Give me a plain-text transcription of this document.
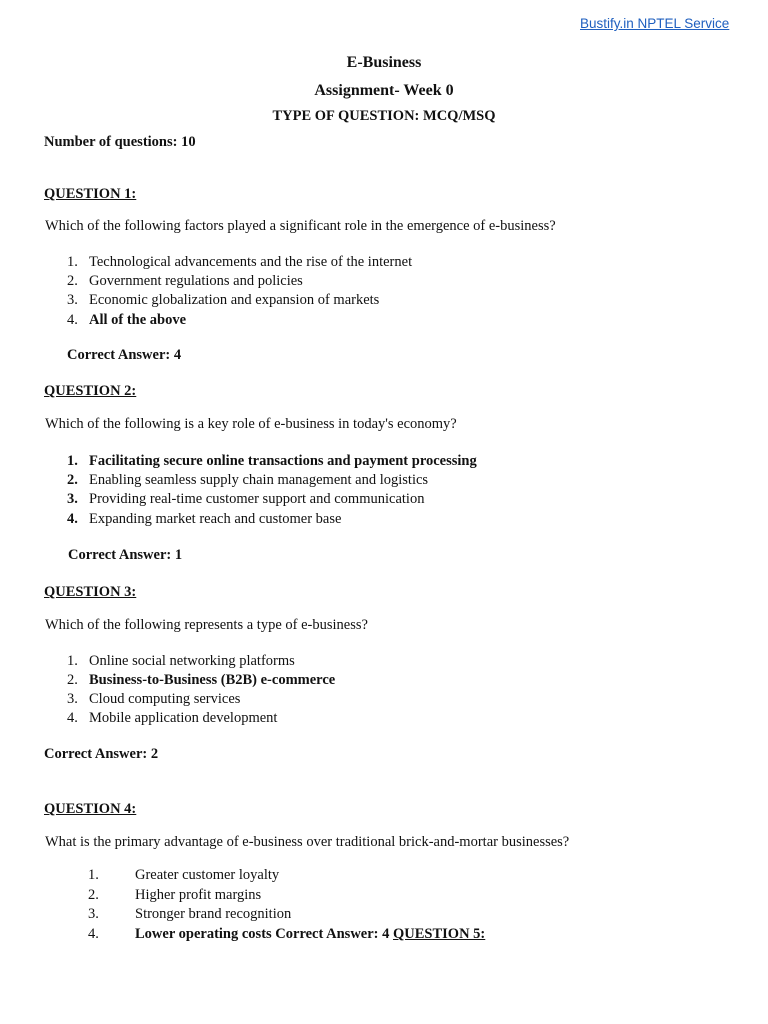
Bustify.in NPTEL Service
E-Business
Assignment- Week 0
TYPE OF QUESTION: MCQ/MSQ
Number of questions: 10
QUESTION 1:
Which of the following factors played a significant role in the emergence of e-business?
1. Technological advancements and the rise of the internet
2. Government regulations and policies
3. Economic globalization and expansion of markets
4. All of the above
Correct Answer: 4
QUESTION 2:
Which of the following is a key role of e-business in today's economy?
1. Facilitating secure online transactions and payment processing
2. Enabling seamless supply chain management and logistics
3. Providing real-time customer support and communication
4. Expanding market reach and customer base
Correct Answer: 1
QUESTION 3:
Which of the following represents a type of e-business?
1. Online social networking platforms
2. Business-to-Business (B2B) e-commerce
3. Cloud computing services
4. Mobile application development
Correct Answer: 2
QUESTION 4:
What is the primary advantage of e-business over traditional brick-and-mortar businesses?
1. Greater customer loyalty
2. Higher profit margins
3. Stronger brand recognition
4. Lower operating costs Correct Answer: 4 QUESTION 5:
